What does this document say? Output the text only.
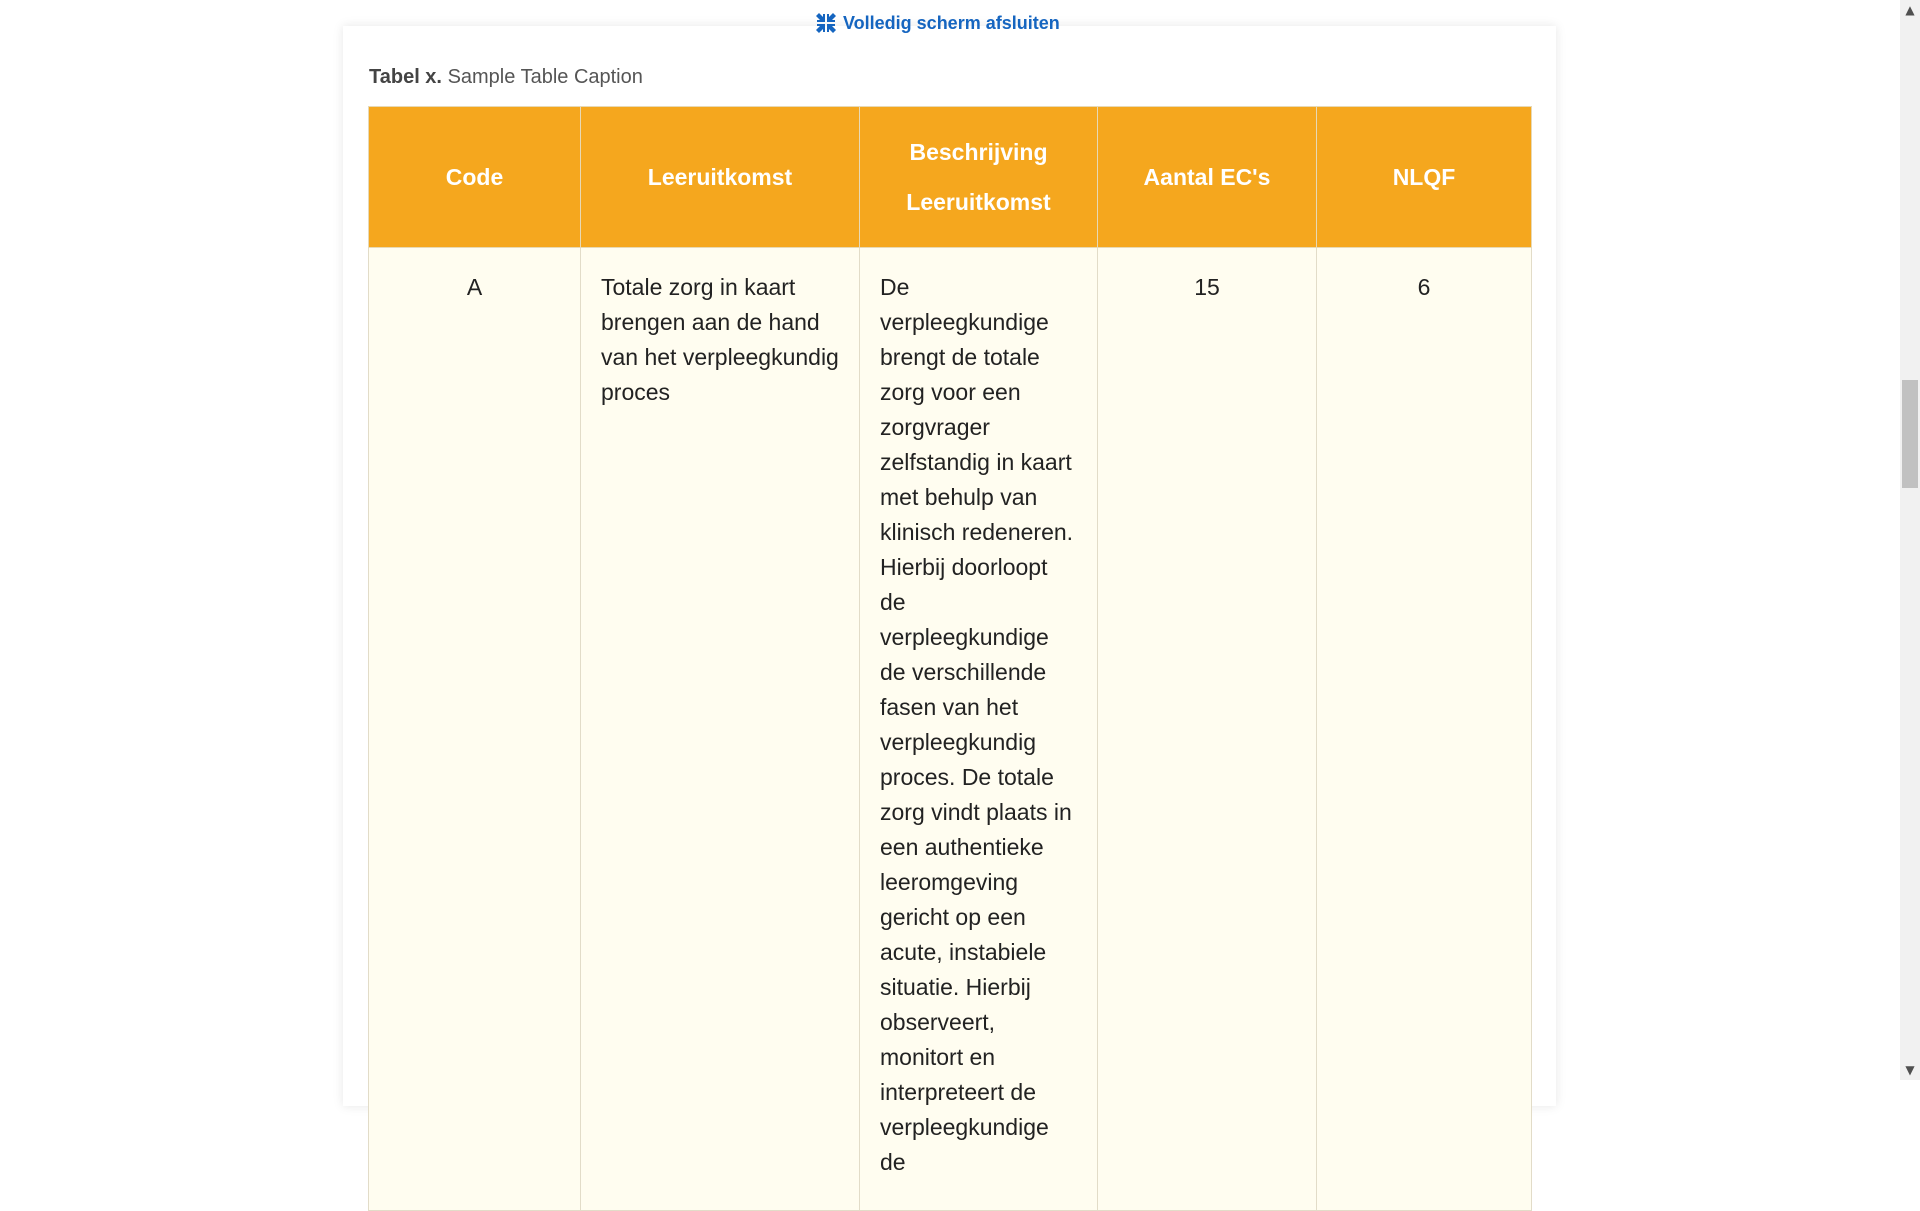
Volledig scherm afsluiten
Tabel x. Sample Table Caption
Code	Leeruitkomst	Beschrijving Leeruitkomst	Aantal EC's	NLQF
A	Totale zorg in kaart brengen aan de hand van het verpleegkundig proces	De verpleegkundige brengt de totale zorg voor een zorgvrager zelfstandig in kaart met behulp van klinisch redeneren. Hierbij doorloopt de verpleegkundige de verschillende fasen van het verpleegkundig proces. De totale zorg vindt plaats in een authentieke leeromgeving gericht op een acute, instabiele situatie. Hierbij observeert, monitort en interpreteert de verpleegkundige de	15	6
▲
▼
